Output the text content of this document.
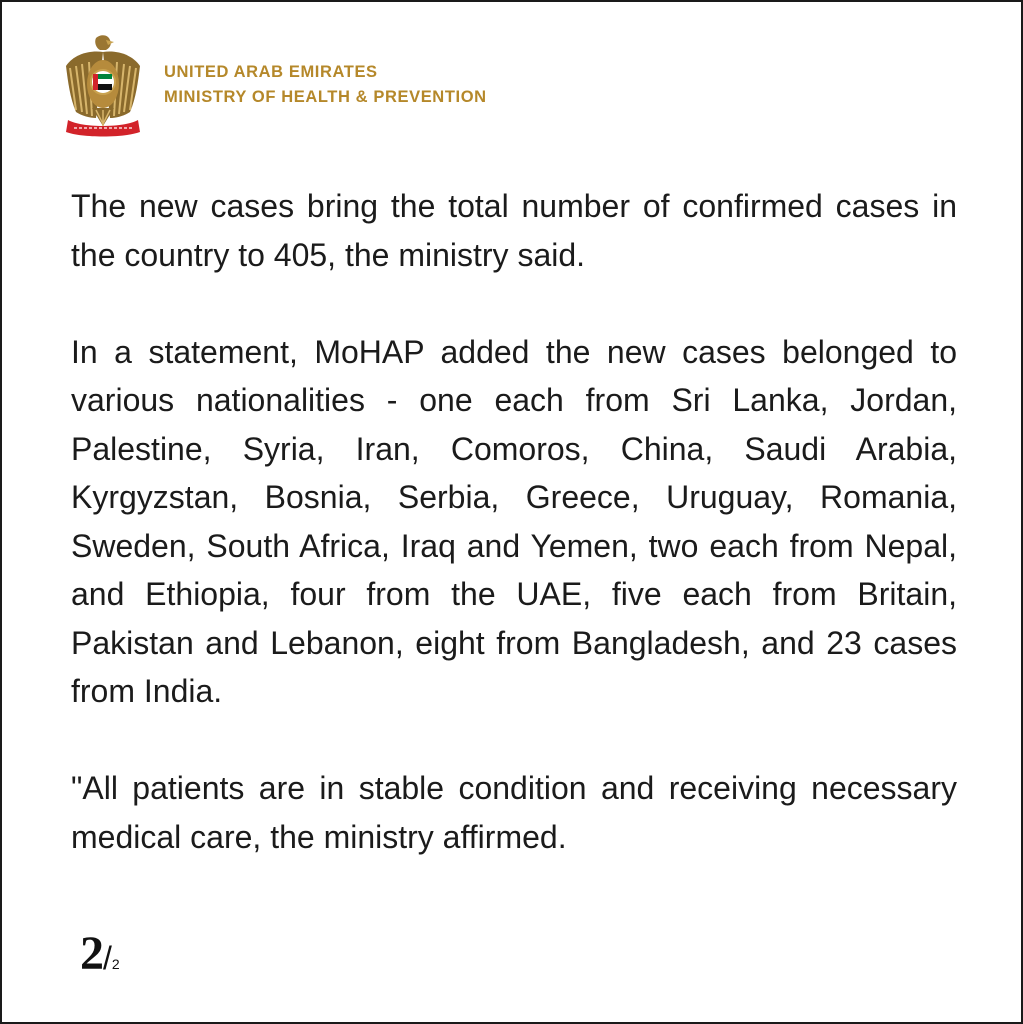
UNITED ARAB EMIRATES
MINISTRY OF HEALTH & PREVENTION

The new cases bring the total number of confirmed cases in the country to 405, the ministry said.

In a statement, MoHAP added the new cases belonged to various nationalities - one each from Sri Lanka, Jordan, Palestine, Syria, Iran, Comoros, China, Saudi Arabia, Kyrgyzstan, Bosnia, Serbia, Greece, Uruguay, Romania, Sweden, South Africa, Iraq and Yemen, two each from Nepal, and Ethiopia, four from the UAE, five each from Britain, Pakistan and Lebanon, eight from Bangladesh, and 23 cases from India.

"All patients are in stable condition and receiving necessary medical care, the ministry affirmed.

2/2
